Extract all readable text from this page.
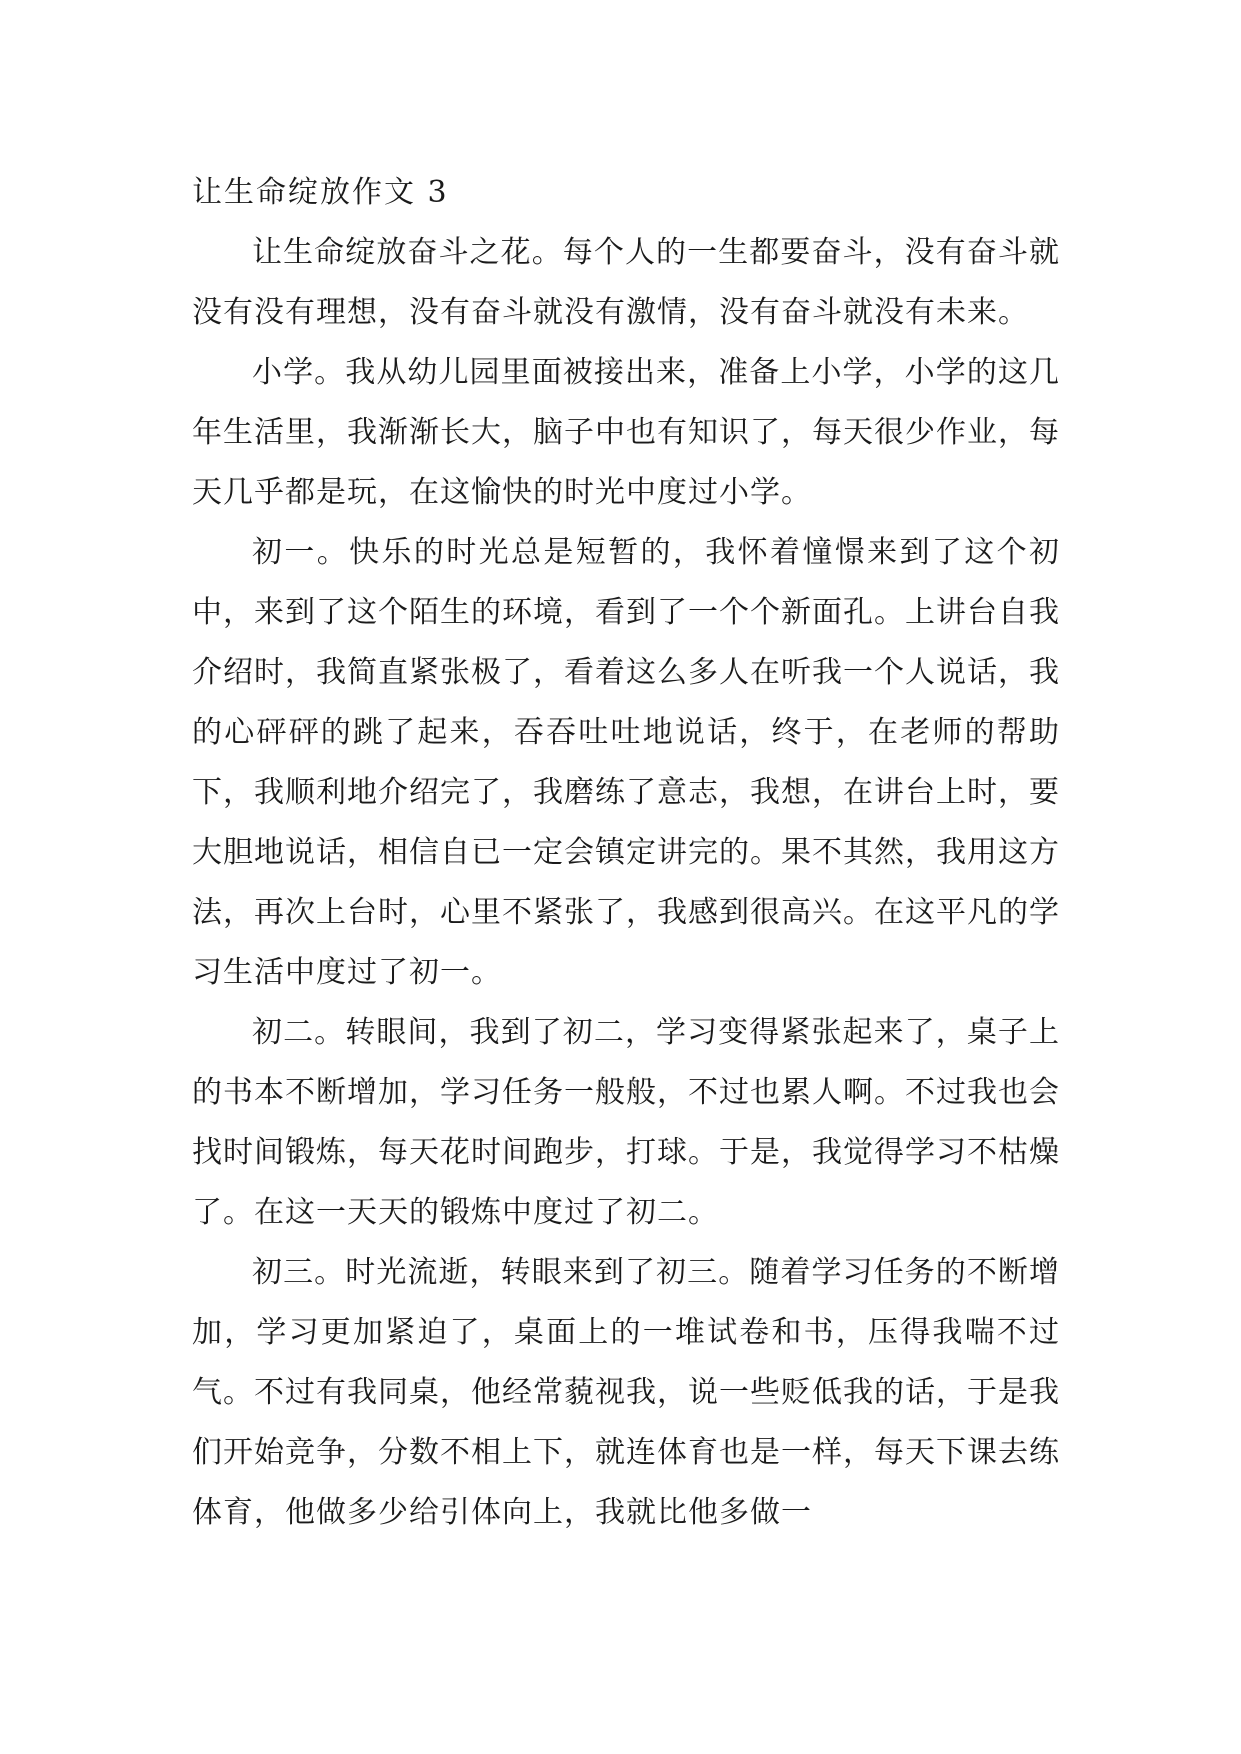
让生命绽放作文 3

让生命绽放奋斗之花。每个人的一生都要奋斗，没有奋斗就没有没有理想，没有奋斗就没有激情，没有奋斗就没有未来。

小学。我从幼儿园里面被接出来，准备上小学，小学的这几年生活里，我渐渐长大，脑子中也有知识了，每天很少作业，每天几乎都是玩，在这愉快的时光中度过小学。

初一。快乐的时光总是短暂的，我怀着憧憬来到了这个初中，来到了这个陌生的环境，看到了一个个新面孔。上讲台自我介绍时，我简直紧张极了，看着这么多人在听我一个人说话，我的心砰砰的跳了起来，吞吞吐吐地说话，终于，在老师的帮助下，我顺利地介绍完了，我磨练了意志，我想，在讲台上时，要大胆地说话，相信自已一定会镇定讲完的。果不其然，我用这方法，再次上台时，心里不紧张了，我感到很高兴。在这平凡的学习生活中度过了初一。

初二。转眼间，我到了初二，学习变得紧张起来了，桌子上的书本不断增加，学习任务一般般，不过也累人啊。不过我也会找时间锻炼，每天花时间跑步，打球。于是，我觉得学习不枯燥了。在这一天天的锻炼中度过了初二。

初三。时光流逝，转眼来到了初三。随着学习任务的不断增加，学习更加紧迫了，桌面上的一堆试卷和书，压得我喘不过气。不过有我同桌，他经常藐视我，说一些贬低我的话，于是我们开始竞争，分数不相上下，就连体育也是一样，每天下课去练体育，他做多少给引体向上，我就比他多做一
